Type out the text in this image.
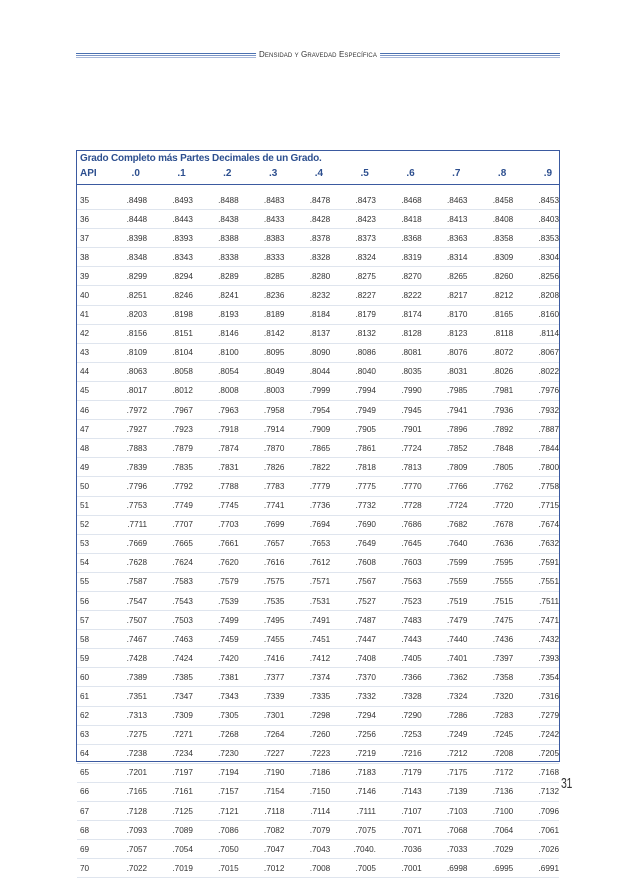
Densidad y Gravedad Específica
Grado Completo más Partes Decimales de un Grado.
API	.0	.1	.2	.3	.4	.5	.6	.7	.8	.9
35	.8498	.8493	.8488	.8483	.8478	.8473	.8468	.8463	.8458	.8453
36	.8448	.8443	.8438	.8433	.8428	.8423	.8418	.8413	.8408	.8403
37	.8398	.8393	.8388	.8383	.8378	.8373	.8368	.8363	.8358	.8353
38	.8348	.8343	.8338	.8333	.8328	.8324	.8319	.8314	.8309	.8304
39	.8299	.8294	.8289	.8285	.8280	.8275	.8270	.8265	.8260	.8256
40	.8251	.8246	.8241	.8236	.8232	.8227	.8222	.8217	.8212	.8208
41	.8203	.8198	.8193	.8189	.8184	.8179	.8174	.8170	.8165	.8160
42	.8156	.8151	.8146	.8142	.8137	.8132	.8128	.8123	.8118	.8114
43	.8109	.8104	.8100	.8095	.8090	.8086	.8081	.8076	.8072	.8067
44	.8063	.8058	.8054	.8049	.8044	.8040	.8035	.8031	.8026	.8022
45	.8017	.8012	.8008	.8003	.7999	.7994	.7990	.7985	.7981	.7976
46	.7972	.7967	.7963	.7958	.7954	.7949	.7945	.7941	.7936	.7932
47	.7927	.7923	.7918	.7914	.7909	.7905	.7901	.7896	.7892	.7887
48	.7883	.7879	.7874	.7870	.7865	.7861	.7724	.7852	.7848	.7844
49	.7839	.7835	.7831	.7826	.7822	.7818	.7813	.7809	.7805	.7800
50	.7796	.7792	.7788	.7783	.7779	.7775	.7770	.7766	.7762	.7758
51	.7753	.7749	.7745	.7741	.7736	.7732	.7728	.7724	.7720	.7715
52	.7711	.7707	.7703	.7699	.7694	.7690	.7686	.7682	.7678	.7674
53	.7669	.7665	.7661	.7657	.7653	.7649	.7645	.7640	.7636	.7632
54	.7628	.7624	.7620	.7616	.7612	.7608	.7603	.7599	.7595	.7591
55	.7587	.7583	.7579	.7575	.7571	.7567	.7563	.7559	.7555	.7551
56	.7547	.7543	.7539	.7535	.7531	.7527	.7523	.7519	.7515	.7511
57	.7507	.7503	.7499	.7495	.7491	.7487	.7483	.7479	.7475	.7471
58	.7467	.7463	.7459	.7455	.7451	.7447	.7443	.7440	.7436	.7432
59	.7428	.7424	.7420	.7416	.7412	.7408	.7405	.7401	.7397	.7393
60	.7389	.7385	.7381	.7377	.7374	.7370	.7366	.7362	.7358	.7354
61	.7351	.7347	.7343	.7339	.7335	.7332	.7328	.7324	.7320	.7316
62	.7313	.7309	.7305	.7301	.7298	.7294	.7290	.7286	.7283	.7279
63	.7275	.7271	.7268	.7264	.7260	.7256	.7253	.7249	.7245	.7242
64	.7238	.7234	.7230	.7227	.7223	.7219	.7216	.7212	.7208	.7205
65	.7201	.7197	.7194	.7190	.7186	.7183	.7179	.7175	.7172	.7168
66	.7165	.7161	.7157	.7154	.7150	.7146	.7143	.7139	.7136	.7132
67	.7128	.7125	.7121	.7118	.7114	.7111	.7107	.7103	.7100	.7096
68	.7093	.7089	.7086	.7082	.7079	.7075	.7071	.7068	.7064	.7061
69	.7057	.7054	.7050	.7047	.7043	.7040.	.7036	.7033	.7029	.7026
70	.7022	.7019	.7015	.7012	.7008	.7005	.7001	.6998	.6995	.6991
31
